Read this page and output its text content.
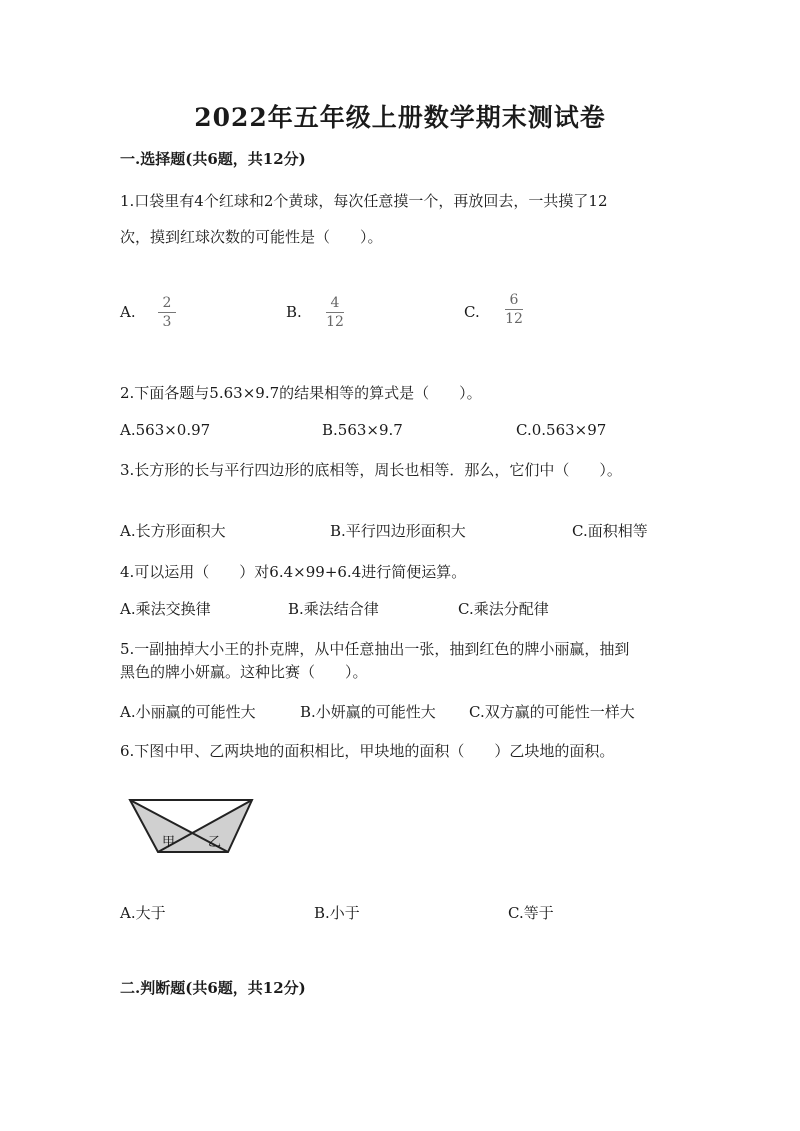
2022年五年级上册数学期末测试卷
一.选择题(共6题，共12分)
1.口袋里有4个红球和2个黄球，每次任意摸一个，再放回去，一共摸了12
次，摸到红球次数的可能性是（　　）。
A. 2
3
B. 4
12
C.
6
12
2.下面各题与5.63×9.7的结果相等的算式是（　　）。
A.563×0.97	B.563×9.7	C.0.563×97
3.长方形的长与平行四边形的底相等，周长也相等．那么，它们中（　　）。
A.长方形面积大	B.平行四边形面积大	C.面积相等
4.可以运用（　　）对6.4×99+6.4进行简便运算。
A.乘法交换律	B.乘法结合律	C.乘法分配律
5.一副抽掉大小王的扑克牌，从中任意抽出一张，抽到红色的牌小丽赢，抽到
黑色的牌小妍赢。这种比赛（　　）。
A.小丽赢的可能性大	B.小妍赢的可能性大 C.双方赢的可能性一样大
6.下图中甲、乙两块地的面积相比，甲块地的面积（　　）乙块地的面积。
甲	乙
A.大于	B.小于	C.等于
二.判断题(共6题，共12分)
